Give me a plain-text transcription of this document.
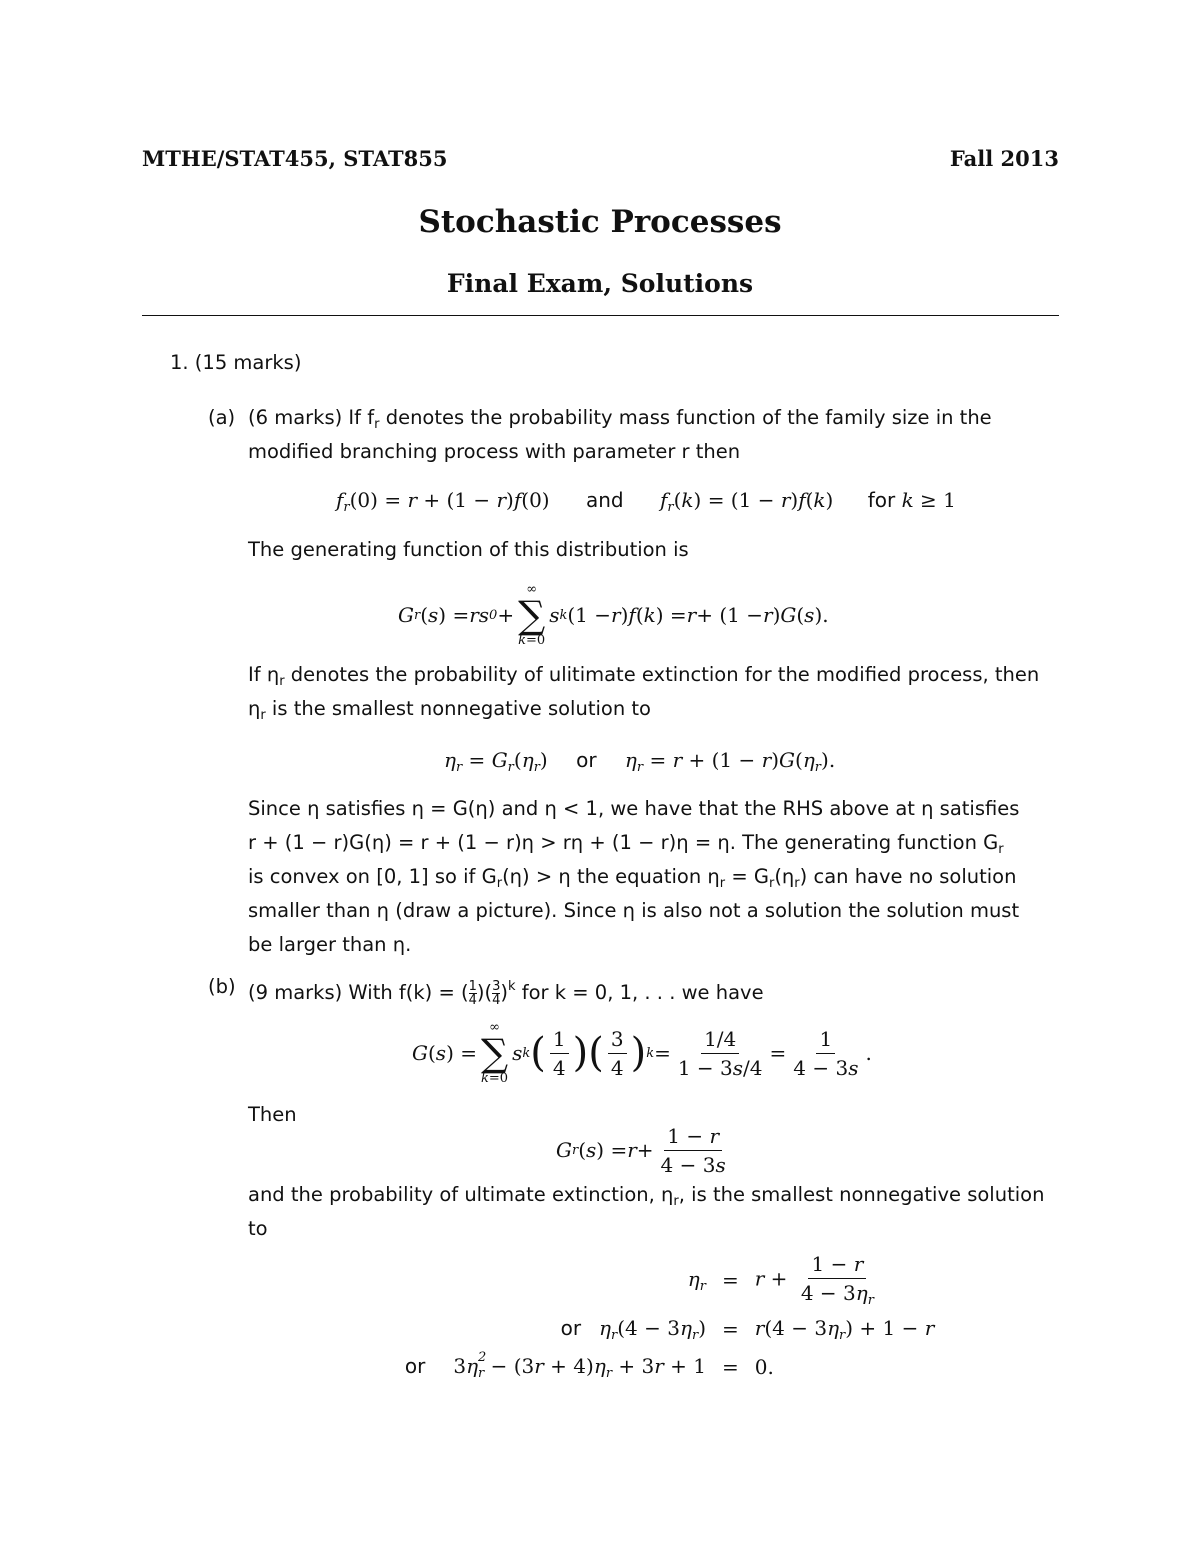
MTHE/STAT455, STAT855	Fall 2013
Stochastic Processes
Final Exam, Solutions
1. (15 marks)
(a) (6 marks) If $f_r$ denotes the probability mass function of the family size in the
modified branching process with parameter r then
$f_r(0) = r + (1 - r)f(0)$ and $f_r(k) = (1 - r)f(k)$ for k ≥ 1
The generating function of this distribution is
G r ( s ) = rs 0 +
∞
∑
k=0
s k (1 − r ) f ( k ) = r + (1 − r ) G ( s ).
If $\eta_r$ denotes the probability of ulitimate extinction for the modified process, then
$\eta_r$ is the smallest nonnegative solution to
$\eta_r = G_r(\eta_r)$ or $\eta_r = r + (1 - r)G(\eta_r)$.
Since η satisfies η = G(η) and η < 1, we have that the RHS above at η satisfies
r + (1 − r)G(η) = r + (1 − r)η > rη + (1 − r)η = η. The generating function $G_r$
is convex on [0, 1] so if $G_r(\eta) > \eta$ the equation $\eta_r = G_r(\eta_r)$ can have no solution
smaller than η (draw a picture). Since η is also not a solution the solution must
be larger than η.
(b) (9 marks) With f(k) = ( $\frac{1}{4}$ )( $\frac{3}{4} )^k$ for k = 0, 1, . . . we have
G ( s ) =
∞
∑
k=0
s k ( $\frac{1}{4}$ ) ( $\frac{3}{4}$ ) $k = \frac{1/4}{1 - 3s/4} = \frac{1}{4 - 3s}$ .
Then
G r ( s ) = $r + \frac{1 - r}{4 - 3s}$
and the probability of ultimate extinction, $\eta_r$, is the smallest nonnegative solution
to
$\eta_r$	=	$r + \frac{1 - r}{4 - 3\eta_r}$

or $\eta_r(4 - 3\eta_r)$	=	$r(4 - 3\eta_r) + 1 - r$
or 3η $_{2 r} - (3r + 4)\eta_r + 3r + 1$	=	0.
